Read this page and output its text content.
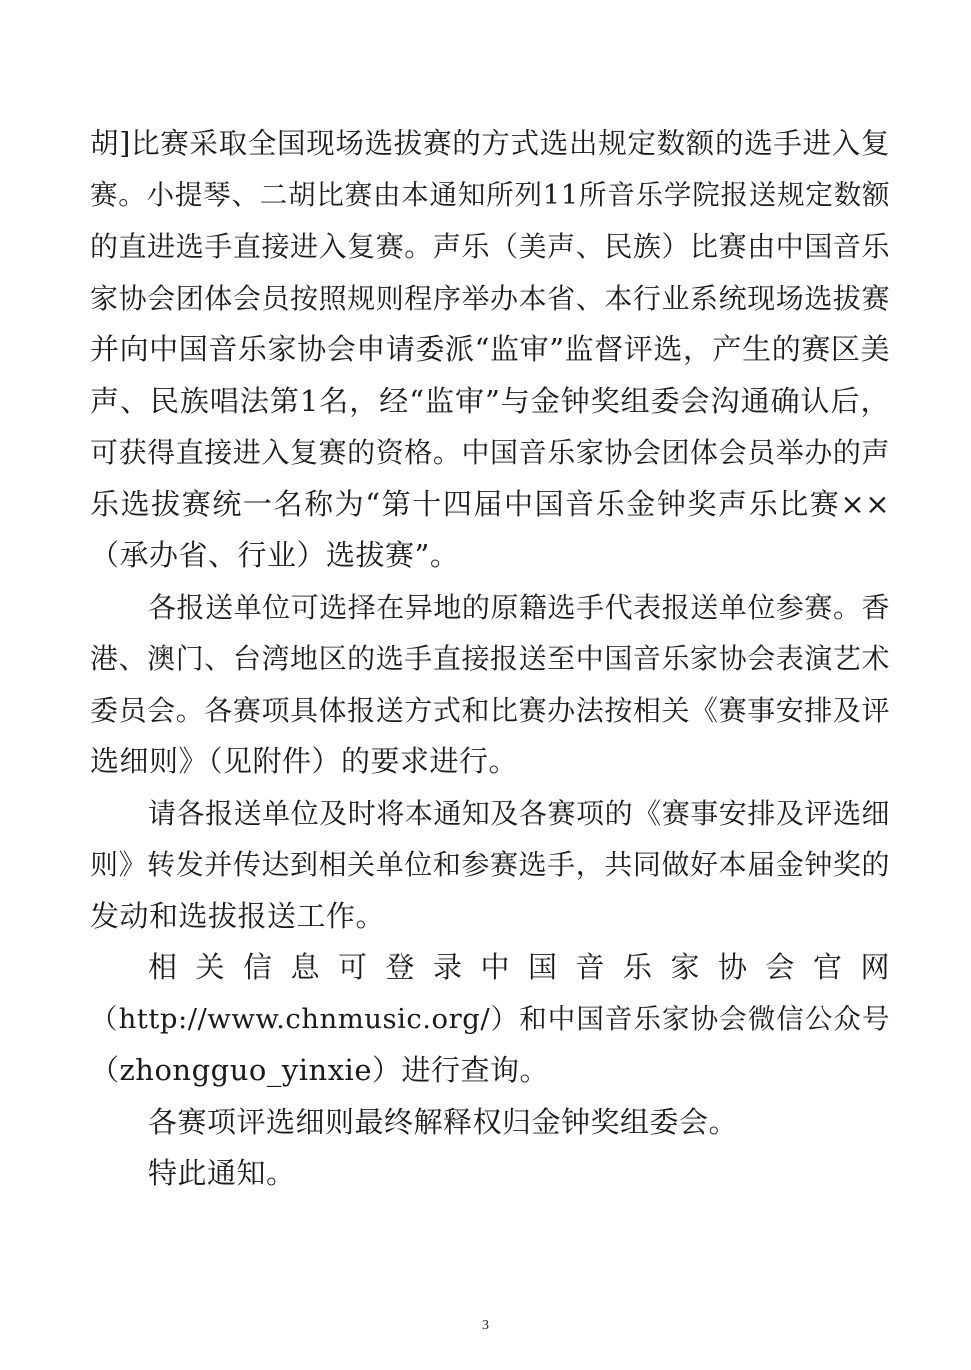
胡]比赛采取全国现场选拔赛的方式选出规定数额的选手进入复
赛。小提琴、二胡比赛由本通知所列11所音乐学院报送规定数额
的直进选手直接进入复赛。声乐（美声、民族）比赛由中国音乐
家协会团体会员按照规则程序举办本省、本行业系统现场选拔赛
并向中国音乐家协会申请委派“监审”监督评选，产生的赛区美
声、民族唱法第1名，经“监审”与金钟奖组委会沟通确认后，
可获得直接进入复赛的资格。中国音乐家协会团体会员举办的声
乐选拔赛统一名称为“第十四届中国音乐金钟奖声乐比赛××
（承办省、行业）选拔赛”。
各报送单位可选择在异地的原籍选手代表报送单位参赛。香
港、澳门、台湾地区的选手直接报送至中国音乐家协会表演艺术
委员会。各赛项具体报送方式和比赛办法按相关《赛事安排及评
选细则》（见附件）的要求进行。
请各报送单位及时将本通知及各赛项的《赛事安排及评选细
则》转发并传达到相关单位和参赛选手，共同做好本届金钟奖的
发动和选拔报送工作。
相关信息可登录中国音乐家协会官网
（http://www.chnmusic.org/）和中国音乐家协会微信公众号
（zhongguo_yinxie）进行查询。
各赛项评选细则最终解释权归金钟奖组委会。
特此通知。
3
